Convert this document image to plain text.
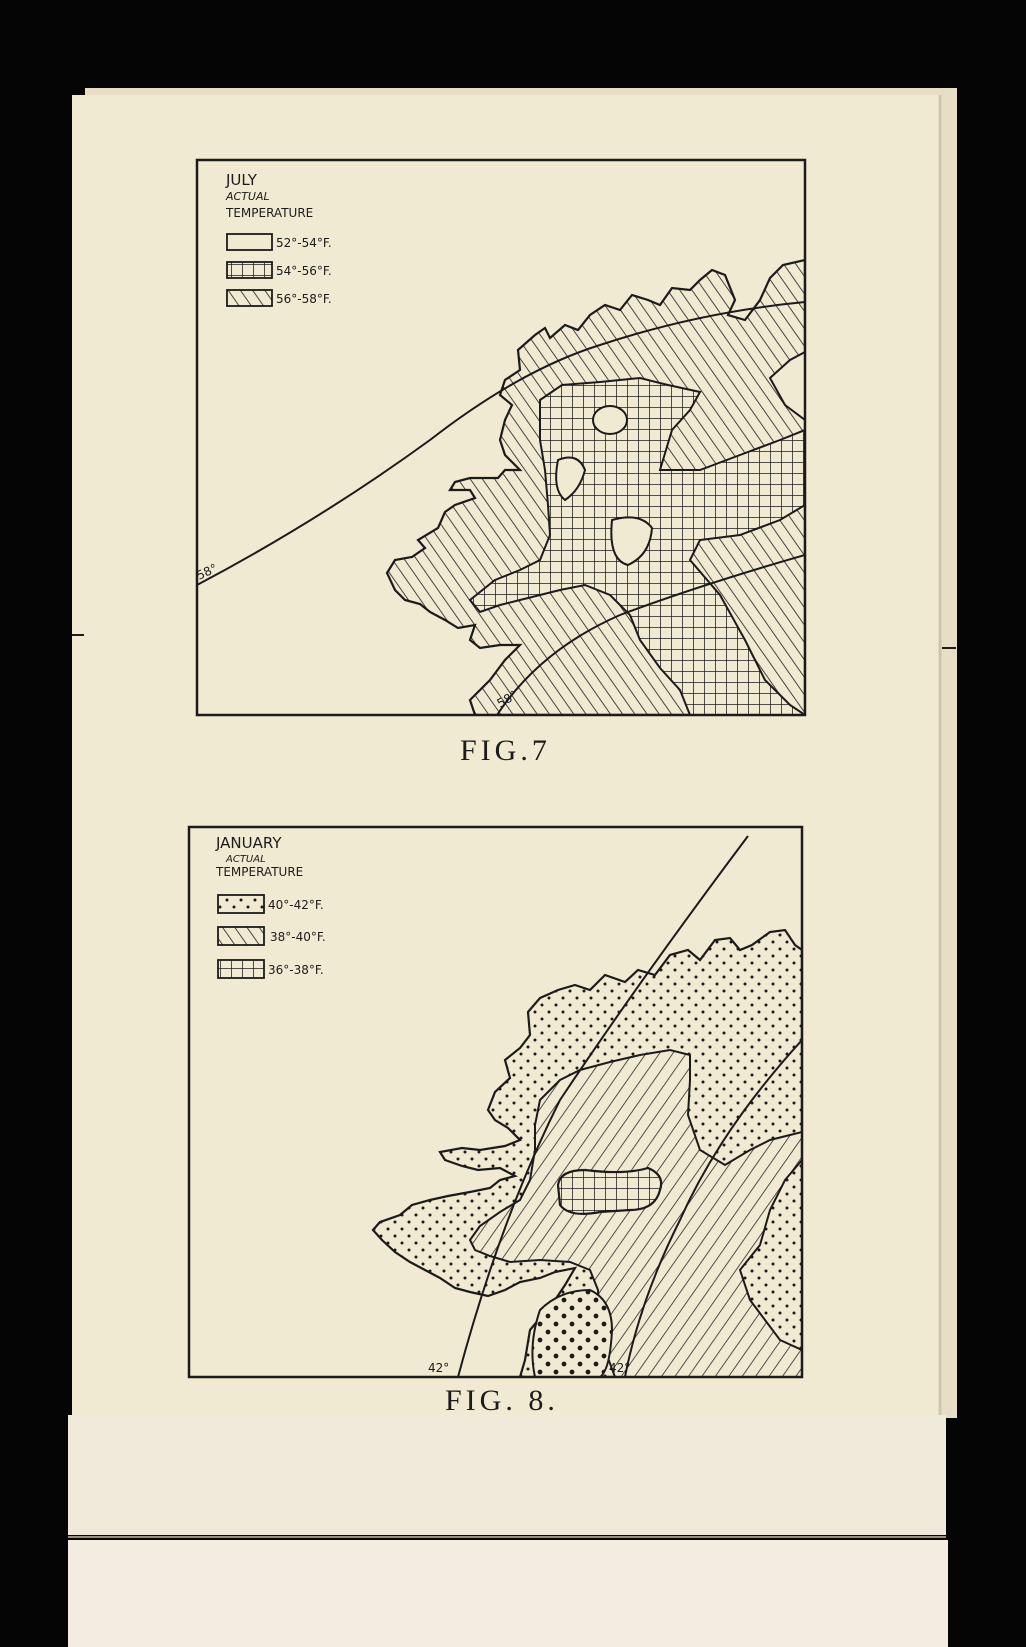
JULY
ACTUAL
TEMPERATURE
52°-54°F.
54°-56°F.
56°-58°F.
58°
58°
FIG.7
JANUARY
ACTUAL
TEMPERATURE
40°-42°F.
38°-40°F.
36°-38°F.
42°	42°
FIG. 8.
